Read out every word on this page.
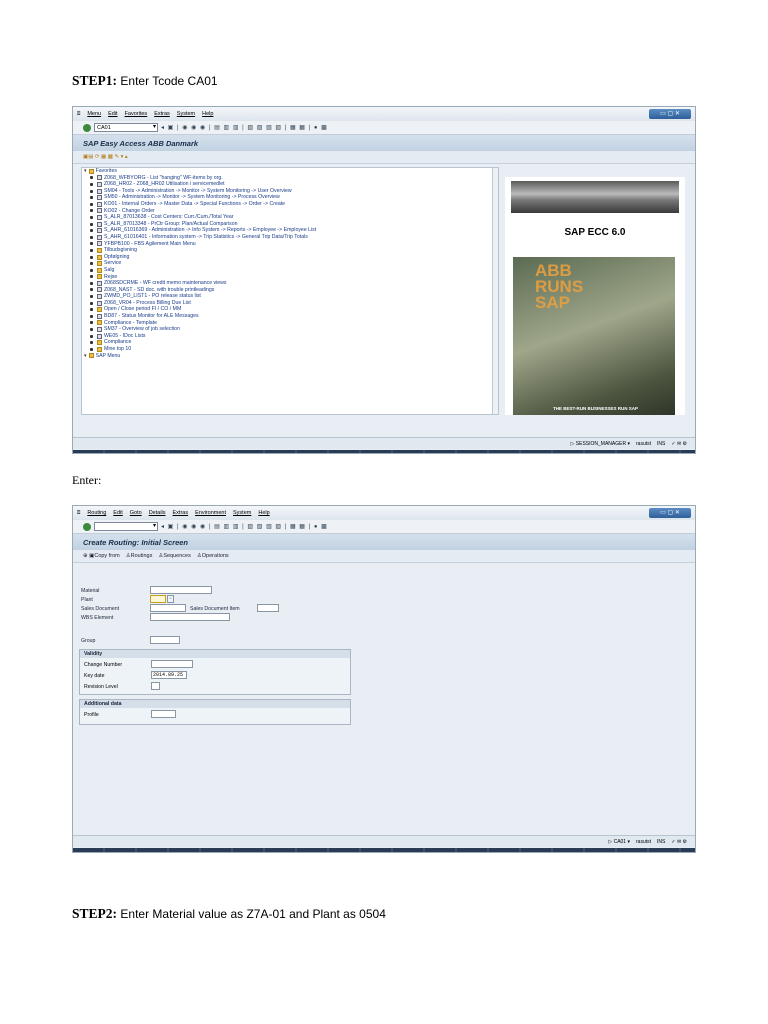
STEP1: Enter Tcode CA01
⌸ Menu Edit Favorites Extras System Help	▭ ▢ ✕
CA01 ▾	◂ ▣ | ◉ ◉ ◉ | ▤ ▥ ▥ | ▧ ▧ ▧ ▧ | ▦ ▦ | ● ▩
SAP Easy Access ABB Danmark
▣▤ ⟳ ▦ ▩ ✎ ▾ ▴
▾ Favorites
Z068_WFBYORG - List "hanging" WF-items by org.
Z068_HR02 - Z068_HR02 Utilisation i servicemedlet
SM04 - Tools -> Administration -> Monitor -> System Monitoring -> User Overview
SM50 - Administration -> Monitor -> System Monitoring -> Process Overview
KO01 - Internal Orders -> Master Data -> Special Functions -> Order -> Create
KO02 - Change Order
S_ALR_87013638 - Cost Centers: Curr./Cum./Total Year
S_ALR_87013348 - PrCtr Group: Plan/Actual Comparison
S_AHR_61016369 - Administration -> Info System -> Reports -> Employee -> Employee List
S_AHR_61016401 - Information system -> Trip Statistics -> General Trip Data/Trip Totals
YFBPB100 - FBS Agilement Main Menu
Tilbudsgivning
Opfølgning
Service
Salg
Rejse
Z068SDCRME - WF credit memo maintenance views
Z068_NAST - SD doc. with trouble printleadings
ZWMD_PO_LIST1 - PO release status list
Z068_VR04 - Process Billing Due List
Open / Close period FI / CO / MM
BD87 - Status Monitor for ALE Messages
Compliance - Template
SM37 - Overview of job selection
WE05 - IDoc Lists
Compliance
Mine top 10
▾ SAP Menu
SAP ECC 6.0
ABB
RUNS
SAP
THE BEST-RUN BUSINESSES RUN SAP
▷ SESSION_MANAGER ▾ rasutst INS ✓ ✉ ⚙
Enter:
⌸ Routing Edit Goto Details Extras Environment System Help	▭ ▢ ✕
▾
◂ ▣ | ◉ ◉ ◉ | ▤ ▥ ▥ | ▧ ▧ ▧ ▧ | ▦ ▦ | ● ▩
Create Routing: Initial Screen
⊕ ▣Copy from ♙Routings ♙Sequences ♙Operations
Material
Plant	▫
Sales Document	Sales Document Item
WBS Element
Group
Validity
Change Number
Key date	2014.09.25
Revision Level
Additional data
Profile
▷ CA01 ▾ rasutst INS ✓ ✉ ⚙
STEP2: Enter Material value as Z7A-01 and Plant as 0504
